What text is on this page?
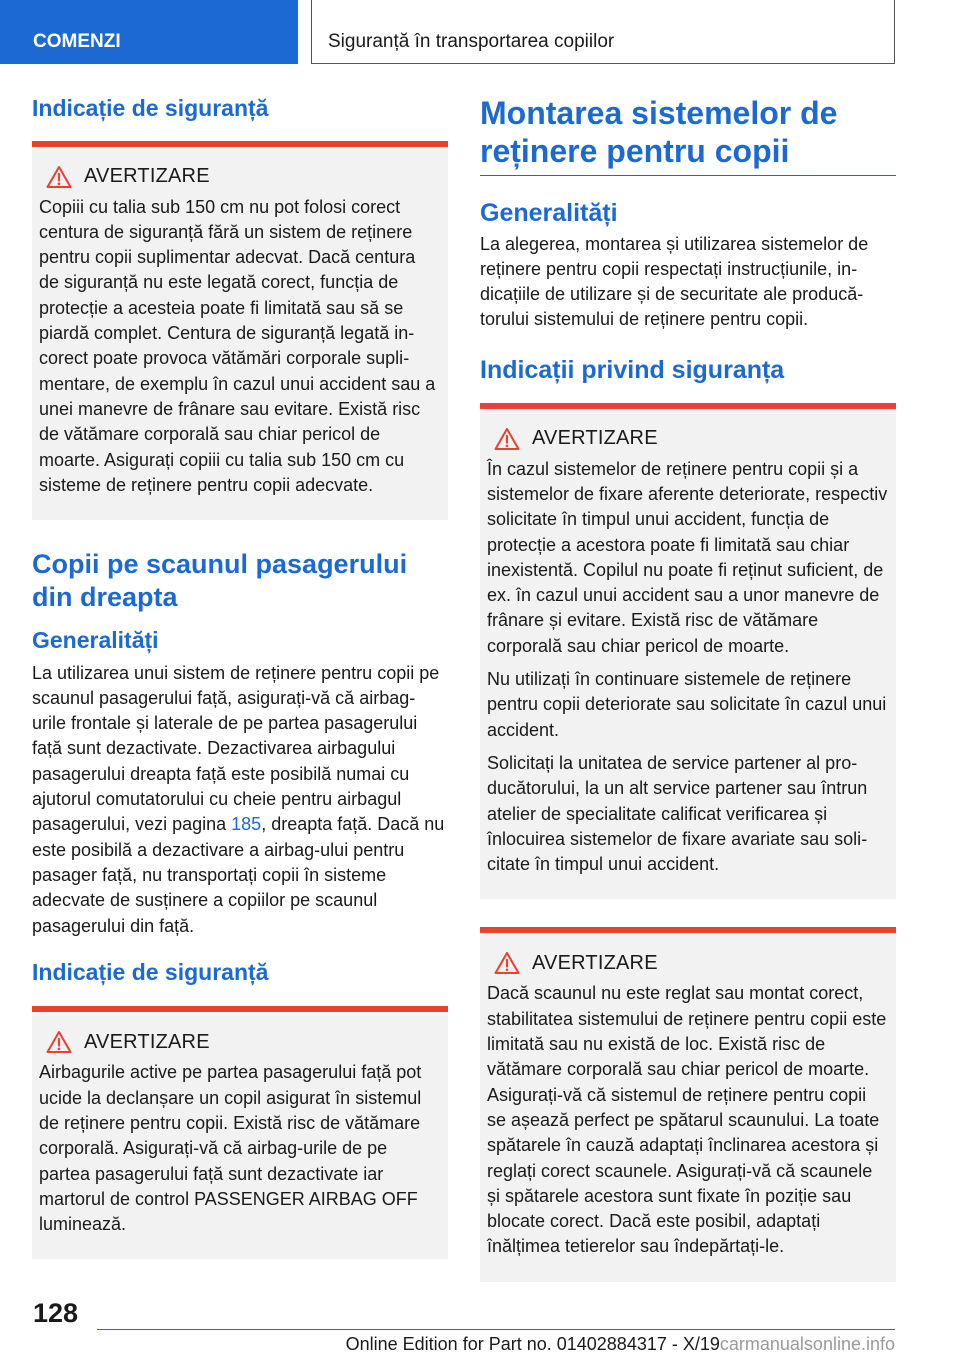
COMENZI	Siguranță în transportarea copiilor
Indicație de siguranță
AVERTIZARE

Copiii cu talia sub 150 cm nu pot folosi corect centura de siguranță fără un sistem de reținere pentru copii suplimentar adecvat. Dacă centura de siguranță nu este legată corect, funcția de protecție a acesteia poate fi limitată sau să se piardă complet. Centura de siguranță legată incorect poate provoca vătămări corporale suplimentare, de exemplu în cazul unui accident sau a unei manevre de frânare sau evitare. Există risc de vătămare corporală sau chiar pericol de moarte. Asigurați copiii cu talia sub 150 cm cu sisteme de reținere pentru copii adecvate.

Copii pe scaunul pasagerului din dreapta
Generalități

La utilizarea unui sistem de reținere pentru copii pe scaunul pasagerului față, asigurați-vă că airbag-urile frontale și laterale de pe partea pasagerului față sunt dezactivate. Dezactivarea airbagului pasagerului dreapta față este posibilă numai cu ajutorul comutatorului cu cheie pentru airbagul pasagerului, vezi pagina 185, dreapta față. Dacă nu este posibilă a dezactivare a airbag-ului pentru pasager față, nu transportați copii în sisteme adecvate de susținere a copiilor pe scaunul pasagerului din față.

Indicație de siguranță
AVERTIZARE

Airbagurile active pe partea pasagerului față pot ucide la declanșare un copil asigurat în sistemul de reținere pentru copii. Există risc de vătămare corporală. Asigurați-vă că airbag-urile de pe partea pasagerului față sunt dezactivate iar martorul de control PASSENGER AIRBAG OFF luminează.

Montarea sistemelor de reținere pentru copii
Generalități

La alegerea, montarea și utilizarea sistemelor de reținere pentru copii respectați instrucțiunile, indicațiile de utilizare și de securitate ale producătorului sistemului de reținere pentru copii.

Indicații privind siguranța
AVERTIZARE

În cazul sistemelor de reținere pentru copii și a sistemelor de fixare aferente deteriorate, respectiv solicitate în timpul unui accident, funcția de protecție a acestora poate fi limitată sau chiar inexistentă. Copilul nu poate fi reținut suficient, de ex. în cazul unui accident sau a unor manevre de frânare și evitare. Există risc de vătămare corporală sau chiar pericol de moarte.

Nu utilizați în continuare sistemele de reținere pentru copii deteriorate sau solicitate în cazul unui accident.

Solicitați la unitatea de service partener al producătorului, la un alt service partener sau întrun atelier de specialitate calificat verificarea și înlocuirea sistemelor de fixare avariate sau solicitate în timpul unui accident.

AVERTIZARE

Dacă scaunul nu este reglat sau montat corect, stabilitatea sistemului de reținere pentru copii este limitată sau nu există de loc. Există risc de vătămare corporală sau chiar pericol de moarte. Asigurați-vă că sistemul de reținere pentru copii se așează perfect pe spătarul scaunului. La toate spătarele în cauză adaptați înclinarea acestora și reglați corect scaunele. Asigurați-vă că scaunele și spătarele acestora sunt fixate în poziție sau blocate corect. Dacă este posibil, adaptați înălțimea tetierelor sau îndepărtați-le.

128
Online Edition for Part no. 01402884317 - X/19carmanualsonline.info
